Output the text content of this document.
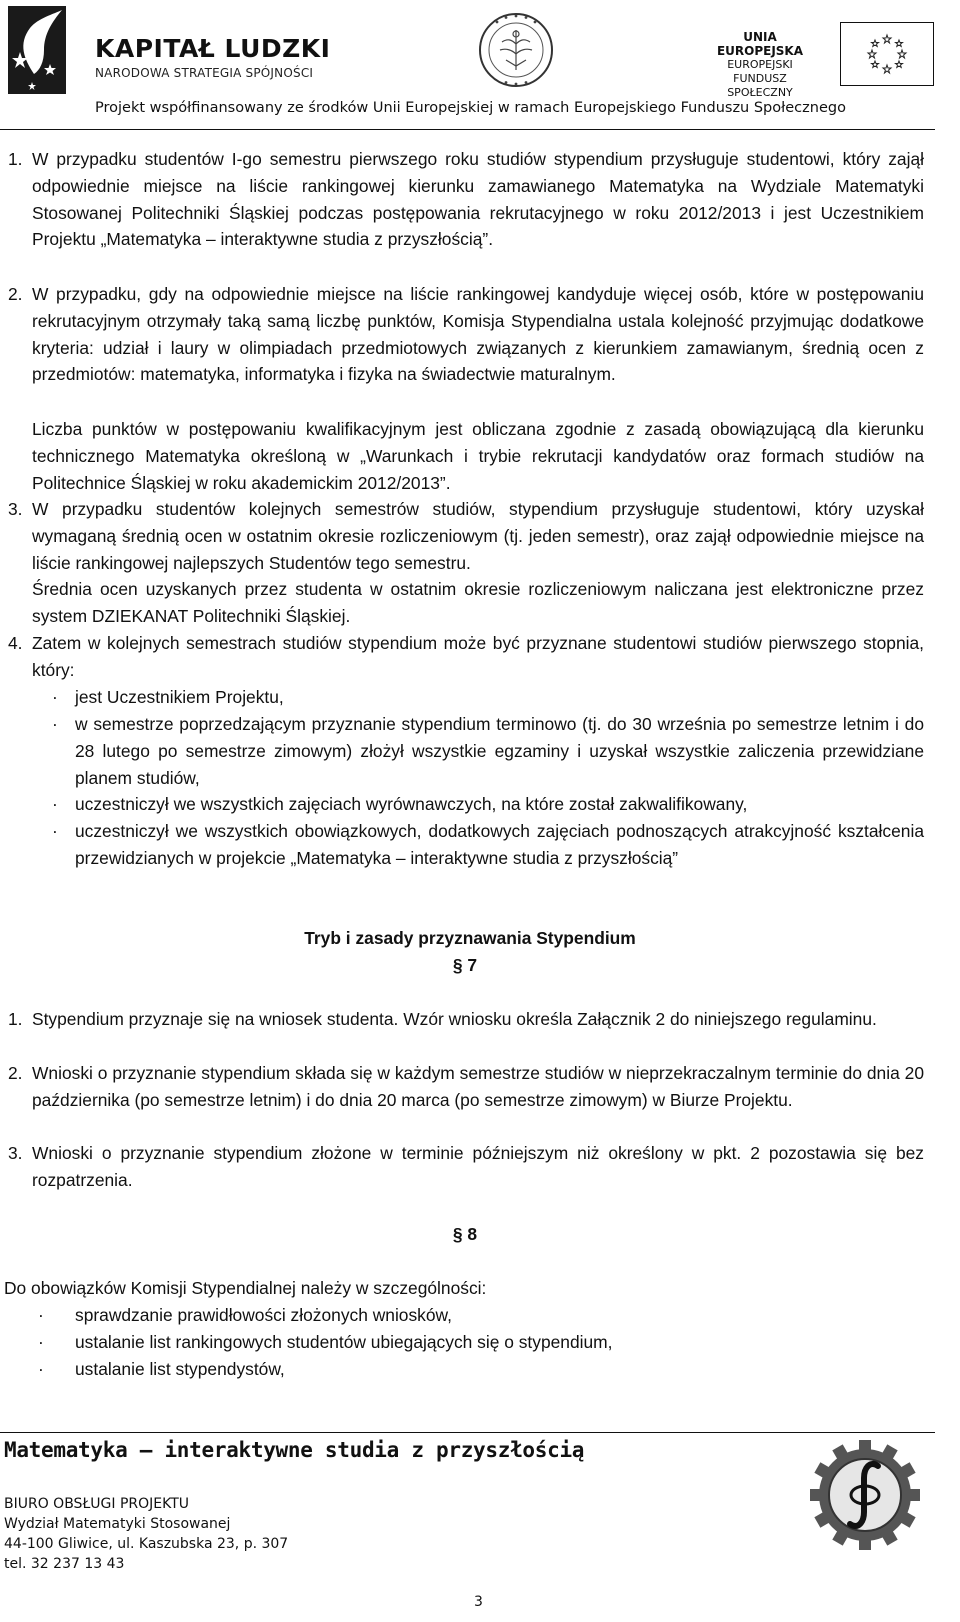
KAPITAŁ LUDZKI
NARODOWA STRATEGIA SPÓJNOŚCI
UNIA EUROPEJSKA
EUROPEJSKI
FUNDUSZ SPOŁECZNY
Projekt współfinansowany ze środków Unii Europejskiej w ramach Europejskiego Funduszu Społecznego
1. W przypadku studentów I-go semestru pierwszego roku studiów stypendium przysługuje studentowi, który zajął odpowiednie miejsce na liście rankingowej kierunku zamawianego Matematyka na Wydziale Matematyki Stosowanej Politechniki Śląskiej podczas postępowania rekrutacyjnego w roku 2012/2013 i jest Uczestnikiem Projektu „Matematyka – interaktywne studia z przyszłością”.
2. W przypadku, gdy na odpowiednie miejsce na liście rankingowej kandyduje więcej osób, które w postępowaniu rekrutacyjnym otrzymały taką samą liczbę punktów, Komisja Stypendialna ustala kolejność przyjmując dodatkowe kryteria: udział i laury w olimpiadach przedmiotowych związanych z kierunkiem zamawianym, średnią ocen z przedmiotów: matematyka, informatyka i fizyka na świadectwie maturalnym.
Liczba punktów w postępowaniu kwalifikacyjnym jest obliczana zgodnie z zasadą obowiązującą dla kierunku technicznego Matematyka określoną w „Warunkach i trybie rekrutacji kandydatów oraz formach studiów na Politechnice Śląskiej w roku akademickim 2012/2013”.
3. W przypadku studentów kolejnych semestrów studiów, stypendium przysługuje studentowi, który uzyskał wymaganą średnią ocen w ostatnim okresie rozliczeniowym (tj. jeden semestr), oraz zajął odpowiednie miejsce na liście rankingowej najlepszych Studentów tego semestru.
Średnia ocen uzyskanych przez studenta w ostatnim okresie rozliczeniowym naliczana jest elektroniczne przez system DZIEKANAT Politechniki Śląskiej.
4. Zatem w kolejnych semestrach studiów stypendium może być przyznane studentowi studiów pierwszego stopnia, który:
· jest Uczestnikiem Projektu,
· w semestrze poprzedzającym przyznanie stypendium terminowo (tj. do 30 września po semestrze letnim i do 28 lutego po semestrze zimowym) złożył wszystkie egzaminy i uzyskał wszystkie zaliczenia przewidziane planem studiów,
· uczestniczył we wszystkich zajęciach wyrównawczych, na które został zakwalifikowany,
· uczestniczył we wszystkich obowiązkowych, dodatkowych zajęciach podnoszących atrakcyjność kształcenia przewidzianych w projekcie „Matematyka – interaktywne studia z przyszłością”
Tryb i zasady przyznawania Stypendium
§ 7
1. Stypendium przyznaje się na wniosek studenta. Wzór wniosku określa Załącznik 2 do niniejszego regulaminu.
2. Wnioski o przyznanie stypendium składa się w każdym semestrze studiów w nieprzekraczalnym terminie do dnia 20 października (po semestrze letnim) i do dnia 20 marca (po semestrze zimowym) w Biurze Projektu.
3. Wnioski o przyznanie stypendium złożone w terminie późniejszym niż określony w pkt. 2 pozostawia się bez rozpatrzenia.
§ 8
Do obowiązków Komisji Stypendialnej należy w szczególności:
· sprawdzanie prawidłowości złożonych wniosków,
· ustalanie list rankingowych studentów ubiegających się o stypendium,
· ustalanie list stypendystów,
Matematyka – interaktywne studia z przyszłością
BIURO OBSŁUGI PROJEKTU
Wydział Matematyki Stosowanej
44-100 Gliwice, ul. Kaszubska 23, p. 307
tel. 32 237 13 43
3
